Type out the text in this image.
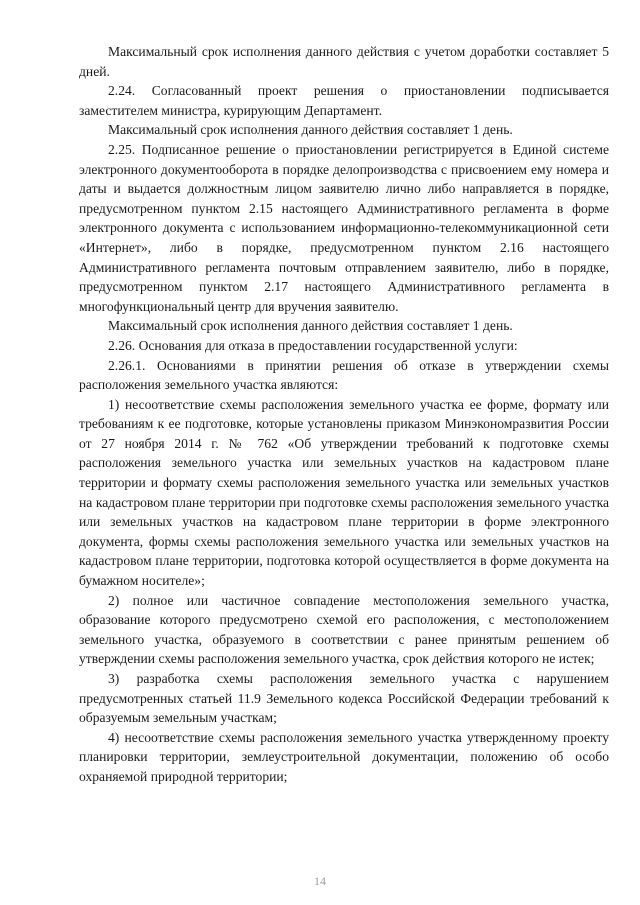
Максимальный срок исполнения данного действия с учетом доработки составляет 5 дней.

2.24. Согласованный проект решения о приостановлении подписывается заместителем министра, курирующим Департамент.

Максимальный срок исполнения данного действия составляет 1 день.

2.25. Подписанное решение о приостановлении регистрируется в Единой системе электронного документооборота в порядке делопроизводства с присвоением ему номера и даты и выдается должностным лицом заявителю лично либо направляется в порядке, предусмотренном пунктом 2.15 настоящего Административного регламента в форме электронного документа с использованием информационно-телекоммуникационной сети «Интернет», либо в порядке, предусмотренном пунктом 2.16 настоящего Административного регламента почтовым отправлением заявителю, либо в порядке, предусмотренном пунктом 2.17 настоящего Административного регламента в многофункциональный центр для вручения заявителю.

Максимальный срок исполнения данного действия составляет 1 день.

2.26. Основания для отказа в предоставлении государственной услуги:

2.26.1. Основаниями в принятии решения об отказе в утверждении схемы расположения земельного участка являются:

1) несоответствие схемы расположения земельного участка ее форме, формату или требованиям к ее подготовке, которые установлены приказом Минэкономразвития России от 27 ноября 2014 г. № 762 «Об утверждении требований к подготовке схемы расположения земельного участка или земельных участков на кадастровом плане территории и формату схемы расположения земельного участка или земельных участков на кадастровом плане территории при подготовке схемы расположения земельного участка или земельных участков на кадастровом плане территории в форме электронного документа, формы схемы расположения земельного участка или земельных участков на кадастровом плане территории, подготовка которой осуществляется в форме документа на бумажном носителе»;

2) полное или частичное совпадение местоположения земельного участка, образование которого предусмотрено схемой его расположения, с местоположением земельного участка, образуемого в соответствии с ранее принятым решением об утверждении схемы расположения земельного участка, срок действия которого не истек;

3) разработка схемы расположения земельного участка с нарушением предусмотренных статьей 11.9 Земельного кодекса Российской Федерации требований к образуемым земельным участкам;

4) несоответствие схемы расположения земельного участка утвержденному проекту планировки территории, землеустроительной документации, положению об особо охраняемой природной территории;

14
